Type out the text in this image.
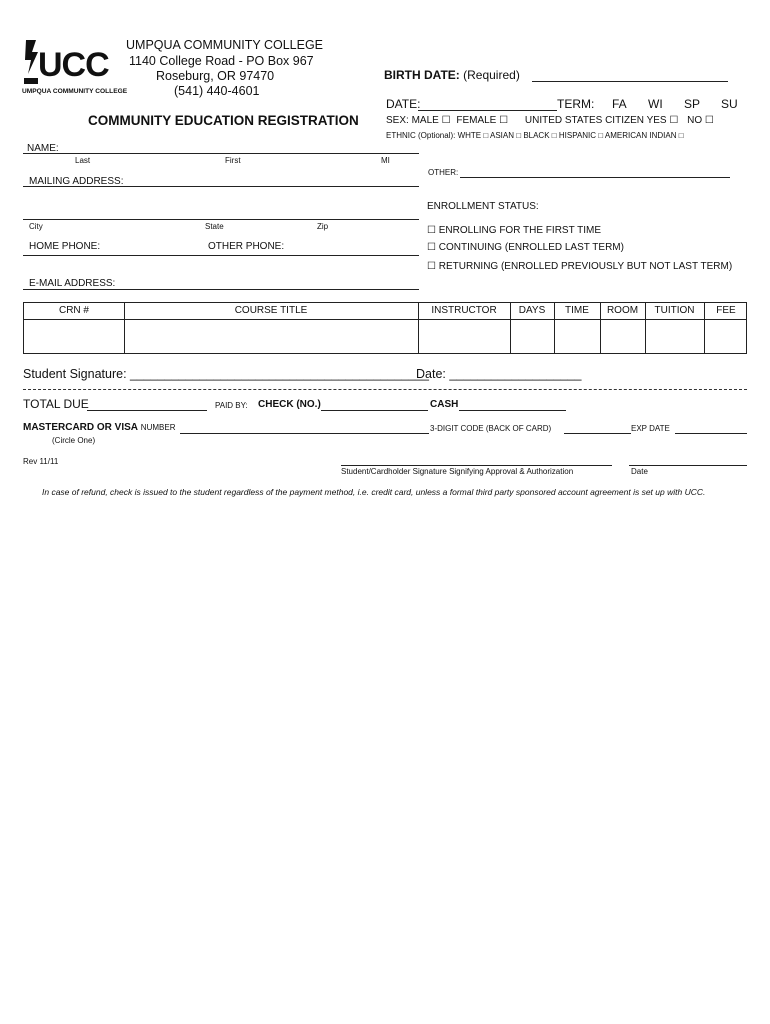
UCC
UMPQUA COMMUNITY COLLEGE
UMPQUA COMMUNITY COLLEGE
1140 College Road - PO Box 967
Roseburg, OR 97470
(541) 440-4601
COMMUNITY EDUCATION REGISTRATION
BIRTH DATE: (Required)
DATE:	TERM: FA WI SP SU
SEX: MALE ☐ FEMALE ☐ UNITED STATES CITIZEN YES ☐ NO ☐
ETHNIC (Optional): WHTE □ ASIAN □ BLACK □ HISPANIC □ AMERICAN INDIAN □
OTHER:
ENROLLMENT STATUS:
☐ ENROLLING FOR THE FIRST TIME
☐ CONTINUING (ENROLLED LAST TERM)
☐ RETURNING (ENROLLED PREVIOUSLY BUT NOT LAST TERM)
NAME:
Last	First	MI
MAILING ADDRESS:
City	State	Zip
HOME PHONE:	OTHER PHONE:
E-MAIL ADDRESS:
CRN #	COURSE TITLE	INSTRUCTOR	DAYS	TIME	ROOM	TUITION	FEE
Student Signature: ___________________________________________
Date: ___________________
TOTAL DUE	PAID BY: CHECK (NO.)	CASH
MASTERCARD OR VISA NUMBER
(Circle One)
3-DIGIT CODE (BACK OF CARD)	EXP DATE
Rev 11/11
Student/Cardholder Signature Signifying Approval & Authorization	Date
In case of refund, check is issued to the student regardless of the payment method, i.e. credit card, unless a formal third party sponsored account agreement is set up with UCC.
